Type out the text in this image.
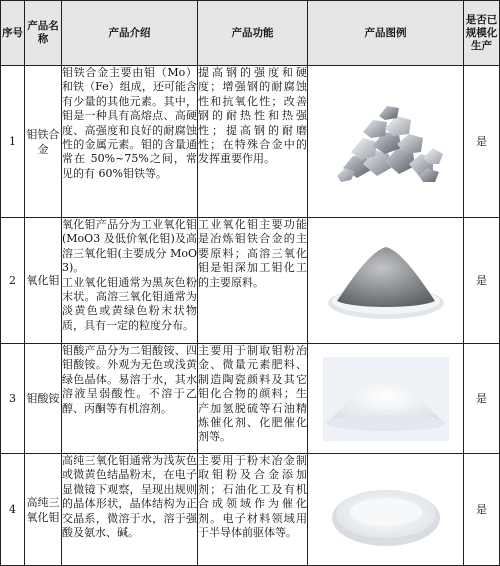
序号	产品名称	产品介绍	产品功能	产品图例	是否已规模化生产
1	钼铁合金	钼铁合金主要由钼（Mo）和铁（Fe）组成，还可能含有少量的其他元素。其中，钼是一种具有高熔点、高硬度、高强度和良好的耐腐蚀性的金属元素。钼的含量通常在 50%~75%之间，常见的有 60%钼铁等。	提高钢的强度和硬度；增强钢的耐腐蚀性和抗氧化性；改善钢的耐热性和热强性；提高钢的耐磨性；在特殊合金中的发挥重要作用。		是
2	氧化钼	氧化钼产品分为工业氧化钼(MoO3 及低价氧化钼)及高溶三氧化钼(主要成分 MoO3)。

工业氧化钼通常为黑灰色粉末状。高溶三氧化钼通常为淡黄色或黄绿色粉末状物质，具有一定的粒度分布。	工业氧化钼主要功能是冶炼钼铁合金的主要原料；高溶三氧化钼是钼深加工钼化工的主要原料。		是
3	钼酸铵	钼酸产品分为二钼酸铵、四钼酸铵。外观为无色或浅黄绿色晶体。易溶于水，其水溶液呈弱酸性。不溶于乙醇、丙酮等有机溶剂。	主要用于制取钼粉冶金、微量元素肥料、制造陶瓷颜料及其它钼化合物的颜料；生产加氢脱硫等石油精炼催化剂、化肥催化剂等。		是
4	高纯三氧化钼	高纯三氧化钼通常为浅灰色或微黄色结晶粉末，在电子显微镜下观察，呈现出规则的晶体形状，晶体结构为正交晶系，微溶于水，溶于强酸及氨水、碱。	主要用于粉末冶金制取钼粉及合金添加剂；石油化工及有机合成领域作为催化剂。电子材料领域用于半导体前驱体等。		是
